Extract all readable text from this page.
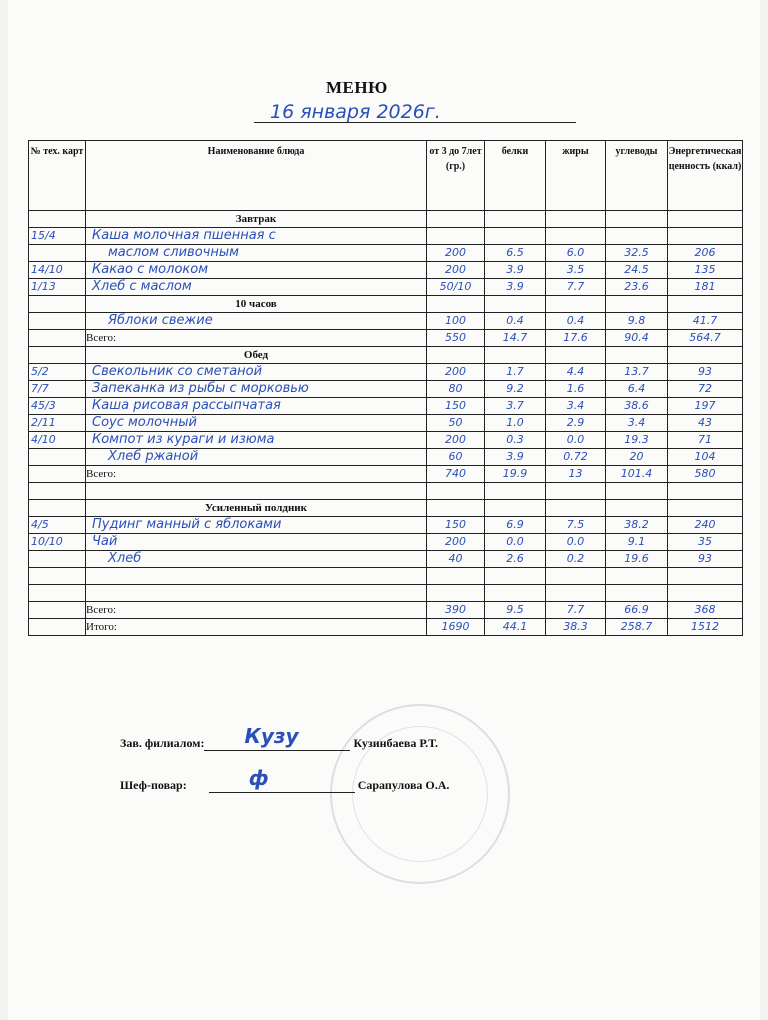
МЕНЮ
16 января 2026г.
№ тех. карт	Наименование блюда	от 3 до 7лет (гр.)	белки	жиры	углеводы	Энергетическая ценность (ккал)
	Завтрак					
15/4	Каша молочная пшенная с					
	маслом сливочным	200	6.5	6.0	32.5	206
14/10	Какао с молоком	200	3.9	3.5	24.5	135
1/13	Хлеб с маслом	50/10	3.9	7.7	23.6	181
	10 часов					
	Яблоки свежие	100	0.4	0.4	9.8	41.7
	Всего:	550	14.7	17.6	90.4	564.7
	Обед					
5/2	Свекольник со сметаной	200	1.7	4.4	13.7	93
7/7	Запеканка из рыбы с морковью	80	9.2	1.6	6.4	72
45/3	Каша рисовая рассыпчатая	150	3.7	3.4	38.6	197
2/11	Соус молочный	50	1.0	2.9	3.4	43
4/10	Компот из кураги и изюма	200	0.3	0.0	19.3	71
	Хлеб ржаной	60	3.9	0.72	20	104
	Всего:	740	19.9	13	101.4	580

	Усиленный полдник					
4/5	Пудинг манный с яблоками	150	6.9	7.5	38.2	240
10/10	Чай	200	0.0	0.0	9.1	35
	Хлеб	40	2.6	0.2	19.6	93

	Всего:	390	9.5	7.7	66.9	368
	Итого:	1690	44.1	38.3	258.7	1512
Зав. филиалом: Кузу	Кузинбаева Р.Т.
Шеф-повар:	ф	Сарапулова О.А.
